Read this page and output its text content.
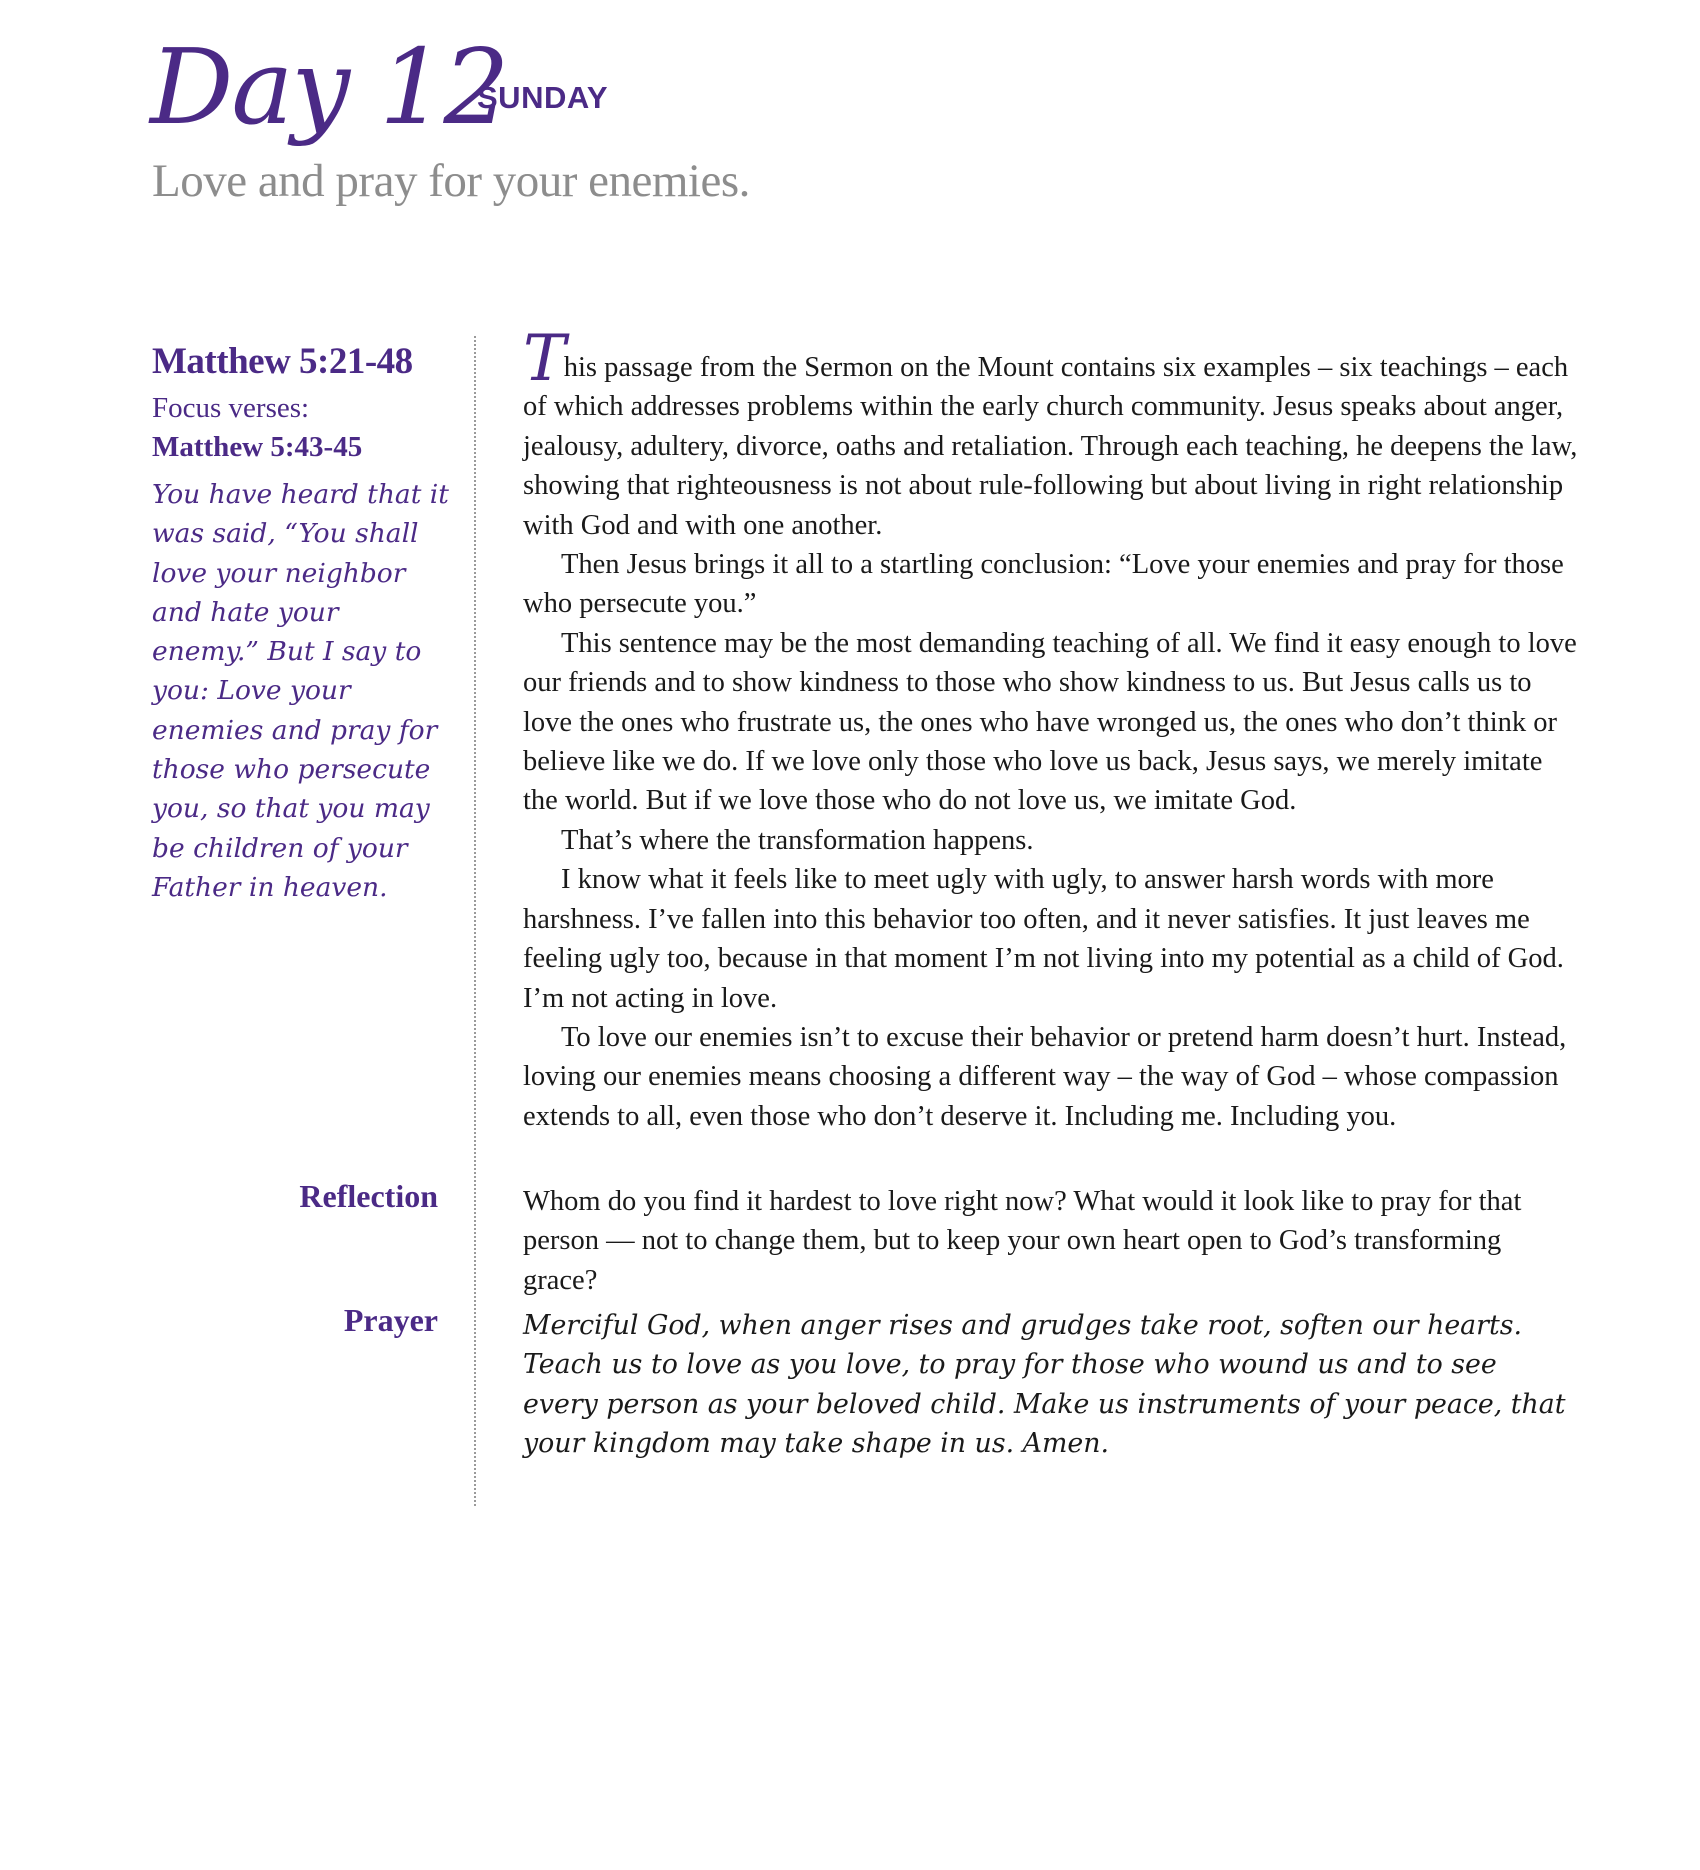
Day 12
SUNDAY
Love and pray for your enemies.
Matthew 5:21-48
Focus verses:
Matthew 5:43-45
You have heard that it was said, “You shall love your neighbor and hate your enemy.” But I say to you: Love your enemies and pray for those who persecute you, so that you may be children of your Father in heaven.

This passage from the Sermon on the Mount contains six examples – six teachings – each of which addresses problems within the early church community. Jesus speaks about anger, jealousy, adultery, divorce, oaths and retaliation. Through each teaching, he deepens the law, showing that righteousness is not about rule-following but about living in right relationship with God and with one another.

Then Jesus brings it all to a startling conclusion: “Love your enemies and pray for those who persecute you.”

This sentence may be the most demanding teaching of all. We find it easy enough to love our friends and to show kindness to those who show kindness to us. But Jesus calls us to love the ones who frustrate us, the ones who have wronged us, the ones who don’t think or believe like we do. If we love only those who love us back, Jesus says, we merely imitate the world. But if we love those who do not love us, we imitate God.

That’s where the transformation happens.

I know what it feels like to meet ugly with ugly, to answer harsh words with more harshness. I’ve fallen into this behavior too often, and it never satisfies. It just leaves me feeling ugly too, because in that moment I’m not living into my potential as a child of God. I’m not acting in love.

To love our enemies isn’t to excuse their behavior or pretend harm doesn’t hurt. Instead, loving our enemies means choosing a different way – the way of God – whose compassion extends to all, even those who don’t deserve it. Including me. Including you.

Reflection	Whom do you find it hardest to love right now? What would it look like to pray for that person — not to change them, but to keep your own heart open to God’s transforming grace?
Prayer	Merciful God, when anger rises and grudges take root, soften our hearts. Teach us to love as you love, to pray for those who wound us and to see every person as your beloved child. Make us instruments of your peace, that your kingdom may take shape in us. Amen.
